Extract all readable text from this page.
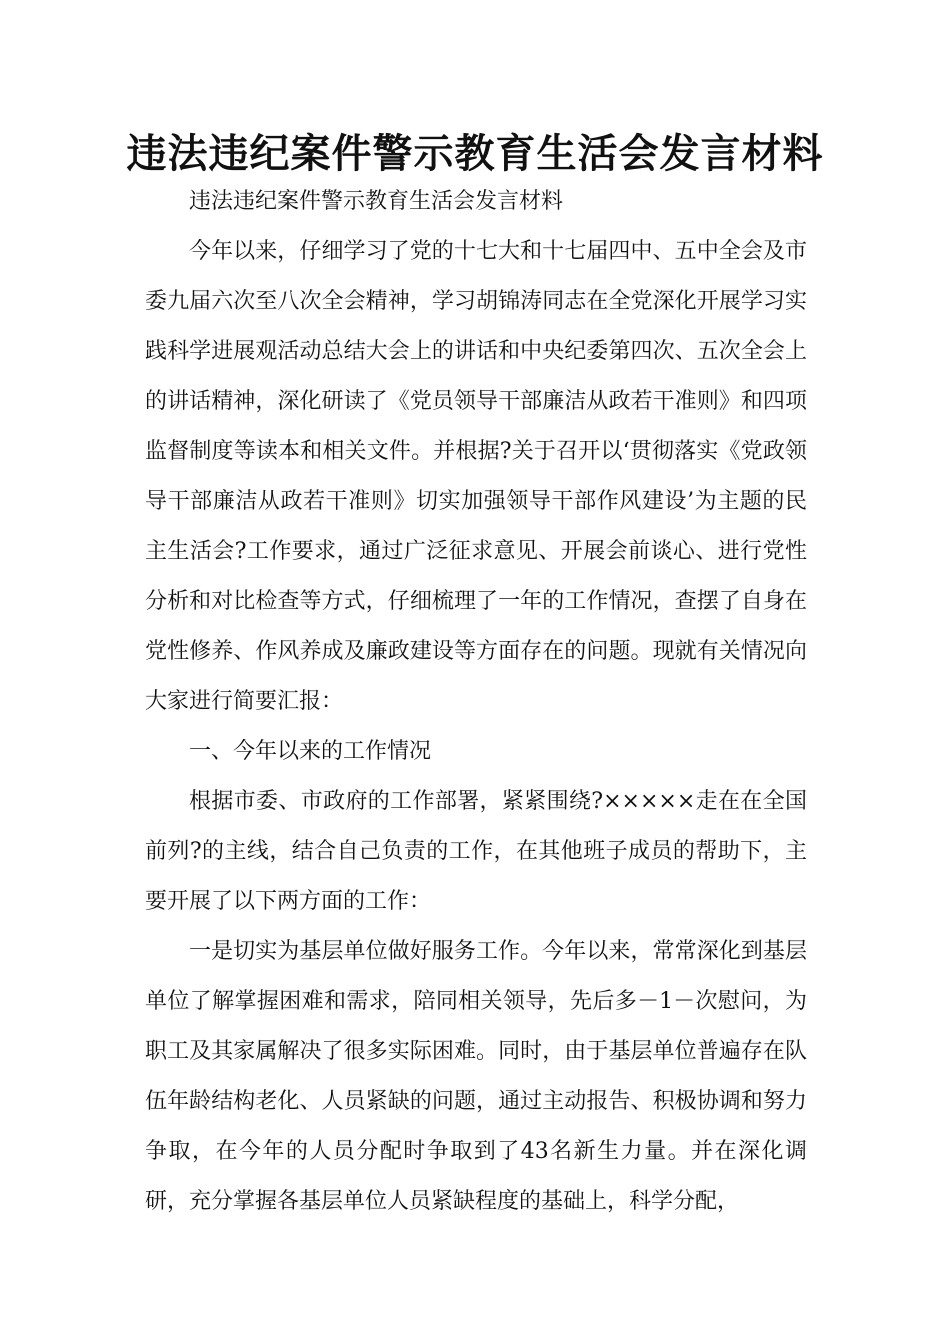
违法违纪案件警示教育生活会发言材料

违法违纪案件警示教育生活会发言材料

今年以来，仔细学习了党的十七大和十七届四中、五中全会及市委九届六次至八次全会精神，学习胡锦涛同志在全党深化开展学习实践科学进展观活动总结大会上的讲话和中央纪委第四次、五次全会上的讲话精神，深化研读了《党员领导干部廉洁从政若干准则》和四项监督制度等读本和相关文件。并根据?关于召开以‘贯彻落实《党政领导干部廉洁从政若干准则》切实加强领导干部作风建设’为主题的民主生活会?工作要求，通过广泛征求意见、开展会前谈心、进行党性分析和对比检查等方式，仔细梳理了一年的工作情况，查摆了自身在党性修养、作风养成及廉政建设等方面存在的问题。现就有关情况向大家进行简要汇报：

一、今年以来的工作情况

根据市委、市政府的工作部署，紧紧围绕?×××××走在在全国前列?的主线，结合自己负责的工作，在其他班子成员的帮助下，主要开展了以下两方面的工作：

一是切实为基层单位做好服务工作。今年以来，常常深化到基层单位了解掌握困难和需求，陪同相关领导，先后多－1－次慰问，为职工及其家属解决了很多实际困难。同时，由于基层单位普遍存在队伍年龄结构老化、人员紧缺的问题，通过主动报告、积极协调和努力争取，在今年的人员分配时争取到了43名新生力量。并在深化调研，充分掌握各基层单位人员紧缺程度的基础上，科学分配，
